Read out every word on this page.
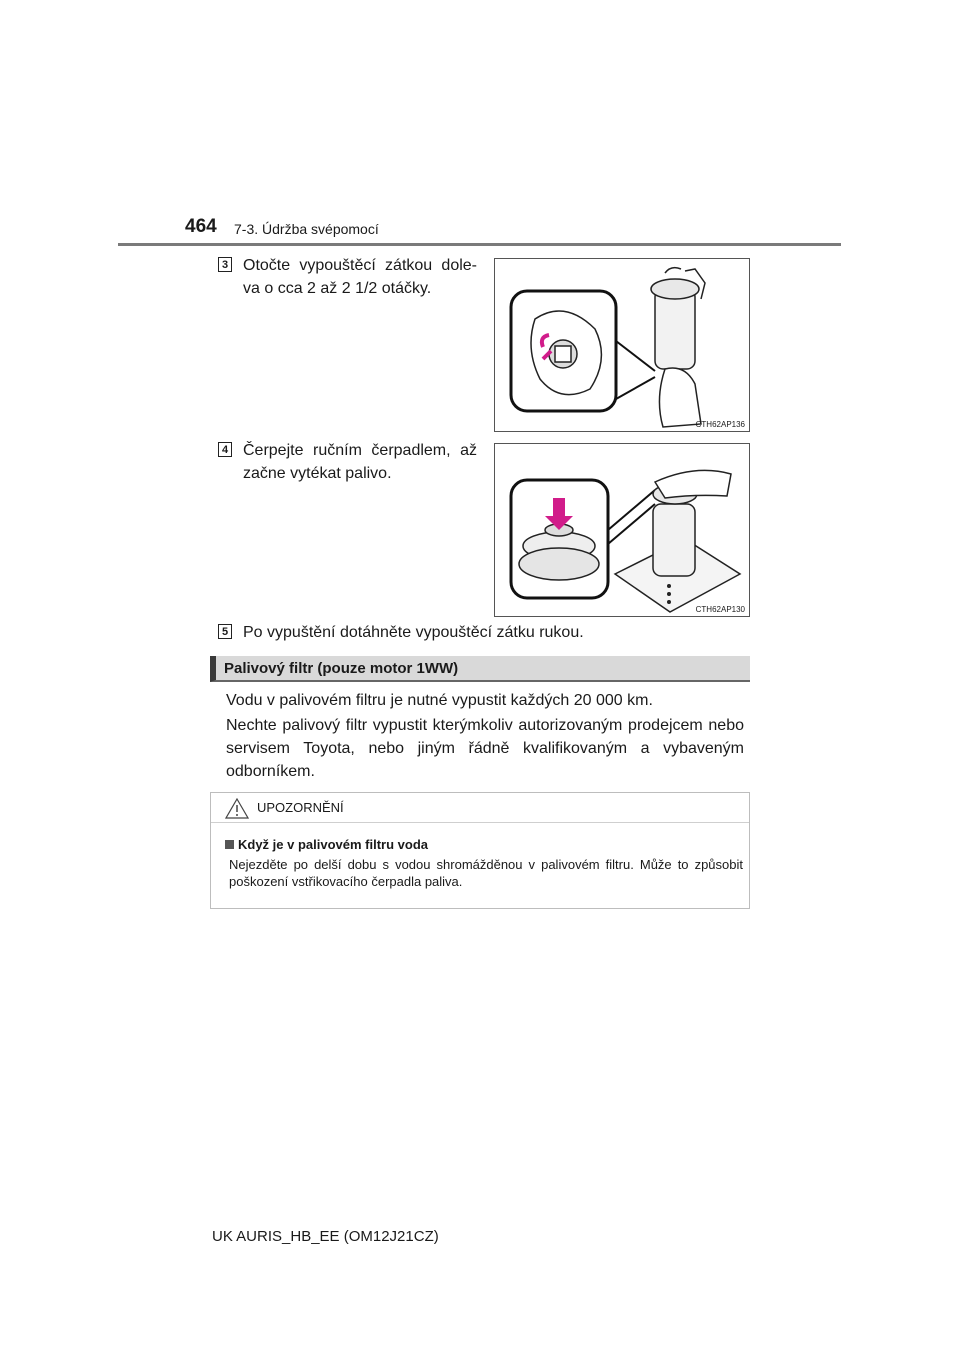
464 7-3. Údržba svépomocí
3 Otočte vypouštěcí zátkou dole-va o cca 2 až 2 1/2 otáčky.
CTH62AP136
4 Čerpejte ručním čerpadlem, až začne vytékat palivo.
CTH62AP130
5 Po vypuštění dotáhněte vypouštěcí zátku rukou.
Palivový filtr (pouze motor 1WW)
Vodu v palivovém filtru je nutné vypustit každých 20 000 km.
Nechte palivový filtr vypustit kterýmkoliv autorizovaným prodejcem nebo servisem Toyota, nebo jiným řádně kvalifikovaným a vybaveným odborníkem.
UPOZORNĚNÍ
Když je v palivovém filtru voda
Nejezděte po delší dobu s vodou shromážděnou v palivovém filtru. Může to způsobit poškození vstřikovacího čerpadla paliva.
UK AURIS_HB_EE (OM12J21CZ)
